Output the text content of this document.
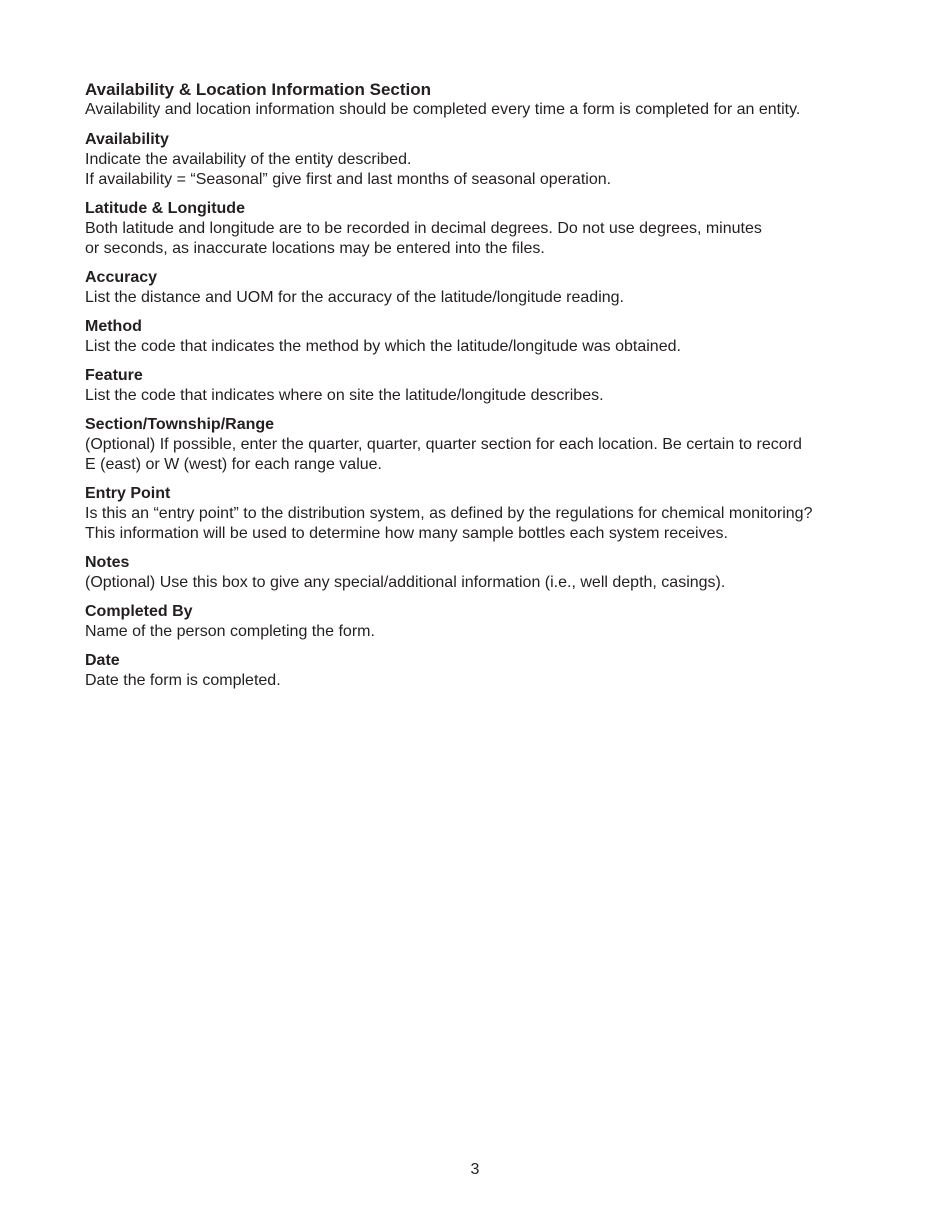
Availability & Location Information Section
Availability and location information should be completed every time a form is completed for an entity.
Availability
Indicate the availability of the entity described.
If availability = “Seasonal” give first and last months of seasonal operation.
Latitude & Longitude
Both latitude and longitude are to be recorded in decimal degrees. Do not use degrees, minutes
or seconds, as inaccurate locations may be entered into the files.
Accuracy
List the distance and UOM for the accuracy of the latitude/longitude reading.
Method
List the code that indicates the method by which the latitude/longitude was obtained.
Feature
List the code that indicates where on site the latitude/longitude describes.
Section/Township/Range
(Optional) If possible, enter the quarter, quarter, quarter section for each location. Be certain to record
E (east) or W (west) for each range value.
Entry Point
Is this an “entry point” to the distribution system, as defined by the regulations for chemical monitoring?
This information will be used to determine how many sample bottles each system receives.
Notes
(Optional) Use this box to give any special/additional information (i.e., well depth, casings).
Completed By
Name of the person completing the form.
Date
Date the form is completed.
3
